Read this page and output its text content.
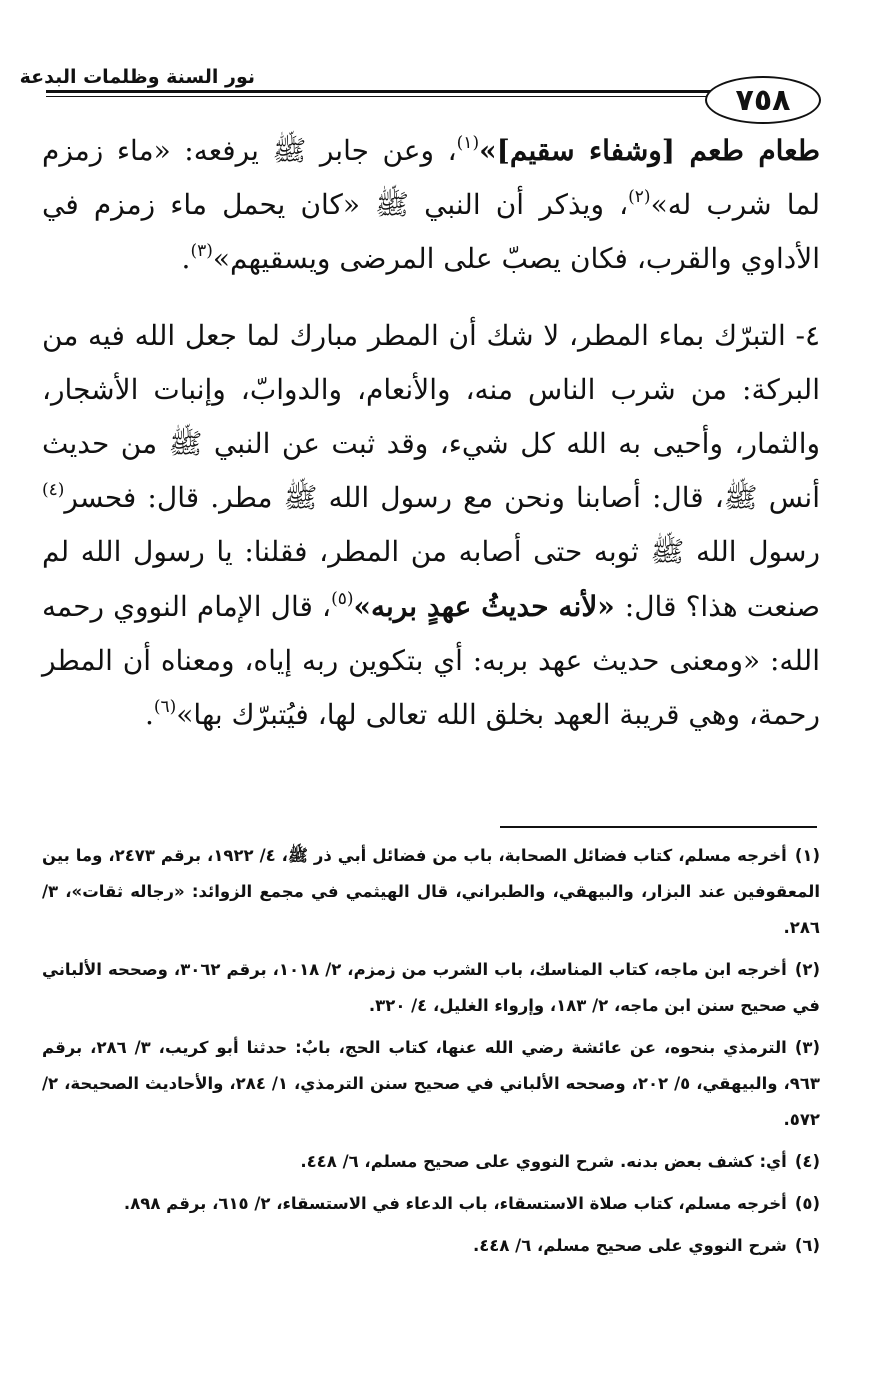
نور السنة وظلمات البدعة
٧٥٨

طعام طعم [وشفاء سقيم]»$^{(١)}$، وعن جابر ﷺ يرفعه: «ماء زمزم لما شرب له»$^{(٢)}$، ويذكر أن النبي ﷺ «كان يحمل ماء زمزم في الأداوي والقرب، فكان يصبّ على المرضى ويسقيهم»$^{(٣)}$.

٤- التبرّك بماء المطر، لا شك أن المطر مبارك لما جعل الله فيه من البركة: من شرب الناس منه، والأنعام، والدوابّ، وإنبات الأشجار، والثمار، وأحيى به الله كل شيء، وقد ثبت عن النبي ﷺ من حديث أنس ﷺ، قال: أصابنا ونحن مع رسول الله ﷺ مطر. قال: فحسر$^{(٤)}$ رسول الله ﷺ ثوبه حتى أصابه من المطر، فقلنا: يا رسول الله لم صنعت هذا؟ قال: «لأنه حديثُ عهدٍ بربه»$^{(٥)}$، قال الإمام النووي رحمه الله: «ومعنى حديث عهد بربه: أي بتكوين ربه إياه، ومعناه أن المطر رحمة، وهي قريبة العهد بخلق الله تعالى لها، فيُتبرّك بها»$^{(٦)}$.

(١)أخرجه مسلم، كتاب فضائل الصحابة، باب من فضائل أبي ذر ﷺ، ٤/ ١٩٢٢، برقم ٢٤٧٣، وما بين المعقوفين عند البزار، والبيهقي، والطبراني، قال الهيثمي في مجمع الزوائد: «رجاله ثقات»، ٣/ ٢٨٦.

(٢)أخرجه ابن ماجه، كتاب المناسك، باب الشرب من زمزم، ٢/ ١٠١٨، برقم ٣٠٦٢، وصححه الألباني في صحيح سنن ابن ماجه، ٢/ ١٨٣، وإرواء الغليل، ٤/ ٣٢٠.

(٣)الترمذي بنحوه، عن عائشة رضي الله عنها، كتاب الحج، بابٌ: حدثنا أبو كريب، ٣/ ٢٨٦، برقم ٩٦٣، والبيهقي، ٥/ ٢٠٢، وصححه الألباني في صحيح سنن الترمذي، ١/ ٢٨٤، والأحاديث الصحيحة، ٢/ ٥٧٢.

(٤)أي: كشف بعض بدنه. شرح النووي على صحيح مسلم، ٦/ ٤٤٨.

(٥)أخرجه مسلم، كتاب صلاة الاستسقاء، باب الدعاء في الاستسقاء، ٢/ ٦١٥، برقم ٨٩٨.

(٦)شرح النووي على صحيح مسلم، ٦/ ٤٤٨.
